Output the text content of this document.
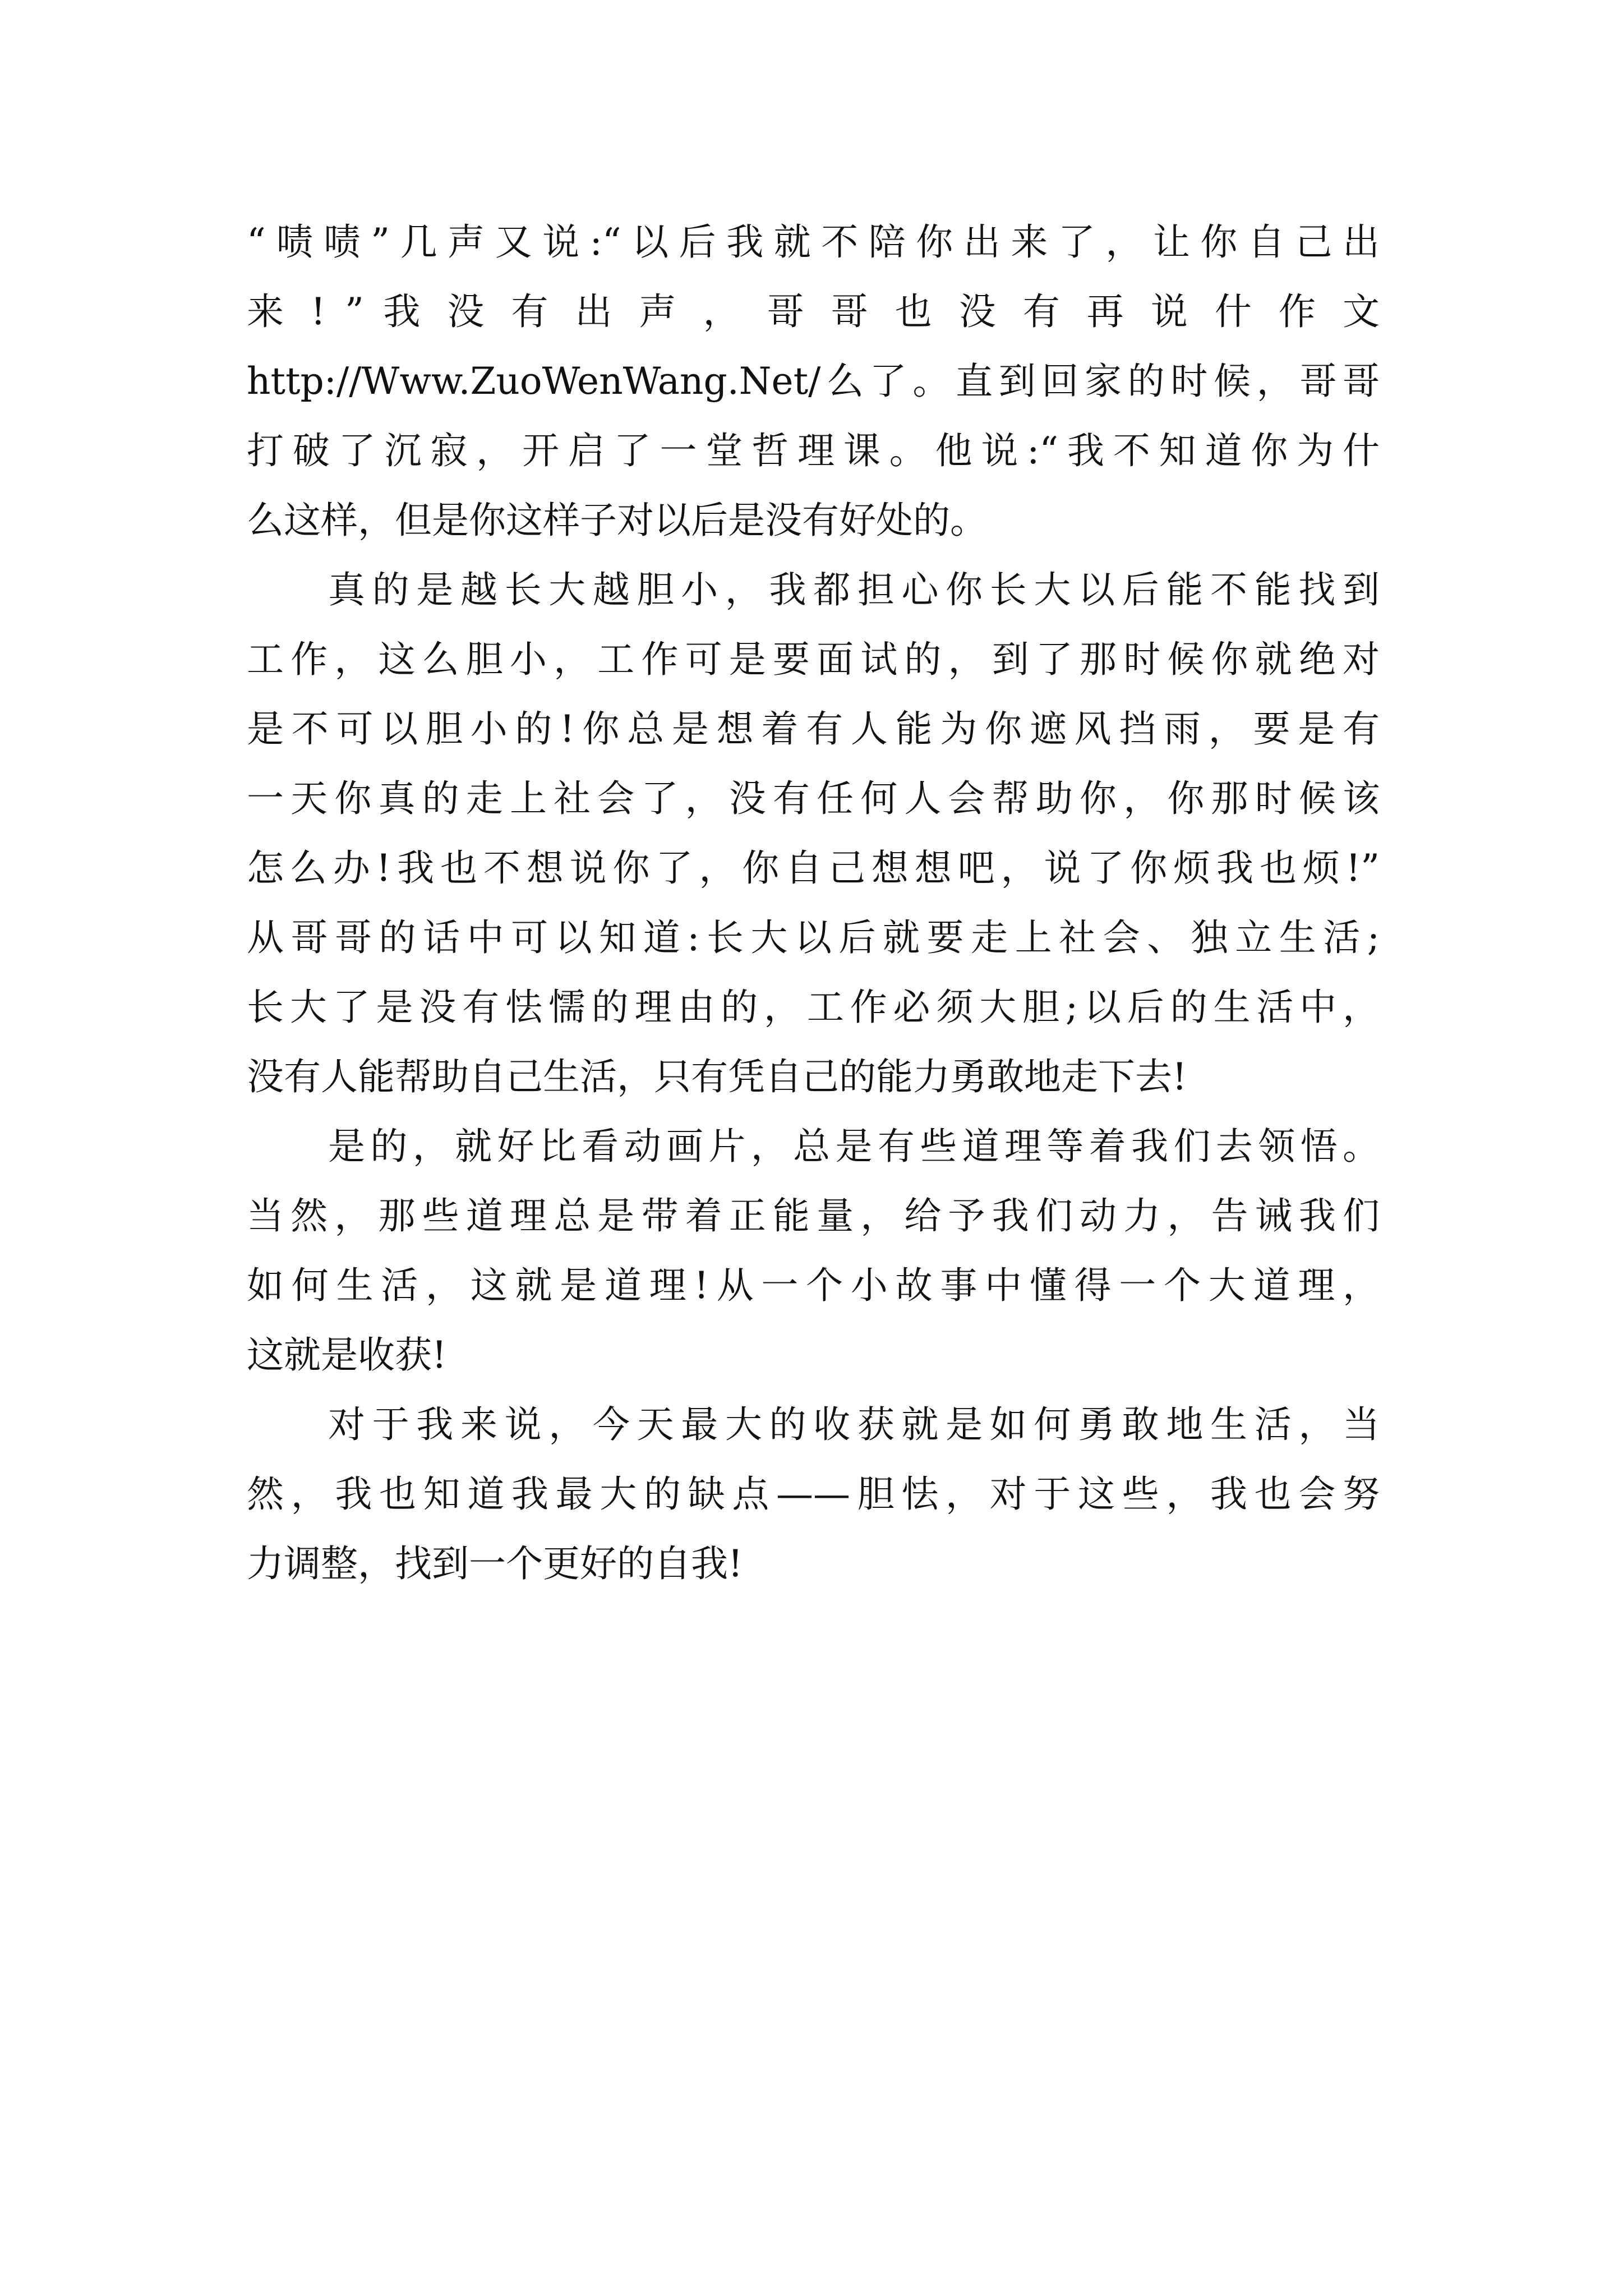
“啧啧”几声又说:“以后我就不陪你出来了，让你自己出
来 ! ” 我 没 有 出 声 ， 哥 哥 也 没 有 再 说 什 作 文
http://Www.ZuoWenWang.Net/么了。直到回家的时候，哥哥
打破了沉寂，开启了一堂哲理课。他说:“我不知道你为什
么这样，但是你这样子对以后是没有好处的。
真的是越长大越胆小，我都担心你长大以后能不能找到
工作，这么胆小，工作可是要面试的，到了那时候你就绝对
是不可以胆小的!你总是想着有人能为你遮风挡雨，要是有
一天你真的走上社会了，没有任何人会帮助你，你那时候该
怎么办!我也不想说你了，你自己想想吧，说了你烦我也烦!”
从哥哥的话中可以知道:长大以后就要走上社会、独立生活;
长大了是没有怯懦的理由的，工作必须大胆;以后的生活中，
没有人能帮助自己生活，只有凭自己的能力勇敢地走下去!
是的，就好比看动画片，总是有些道理等着我们去领悟。
当然，那些道理总是带着正能量，给予我们动力，告诫我们
如何生活，这就是道理!从一个小故事中懂得一个大道理，
这就是收获!
对于我来说，今天最大的收获就是如何勇敢地生活，当
然，我也知道我最大的缺点——胆怯，对于这些，我也会努
力调整，找到一个更好的自我!
